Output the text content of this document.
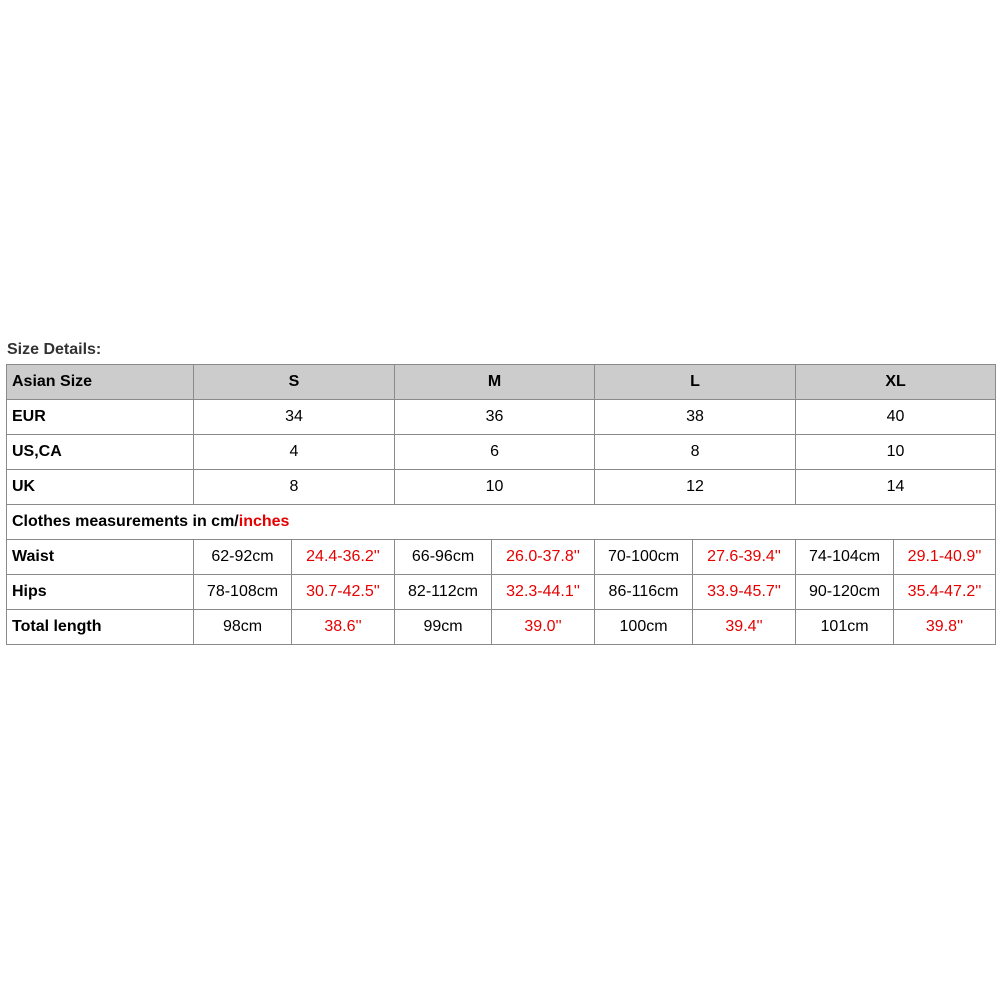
Size Details:
Asian Size	S		M		L		XL	
EUR	34		36		38		40	
US,CA	4		6		8		10	
UK	8		10		12		14	
Clothes measurements in cm/inches								
Waist	62-92cm	24.4-36.2''	66-96cm	26.0-37.8''	70-100cm	27.6-39.4''	74-104cm	29.1-40.9''
Hips	78-108cm	30.7-42.5''	82-112cm	32.3-44.1''	86-116cm	33.9-45.7''	90-120cm	35.4-47.2''
Total length	98cm	38.6''	99cm	39.0''	100cm	39.4''	101cm	39.8''
